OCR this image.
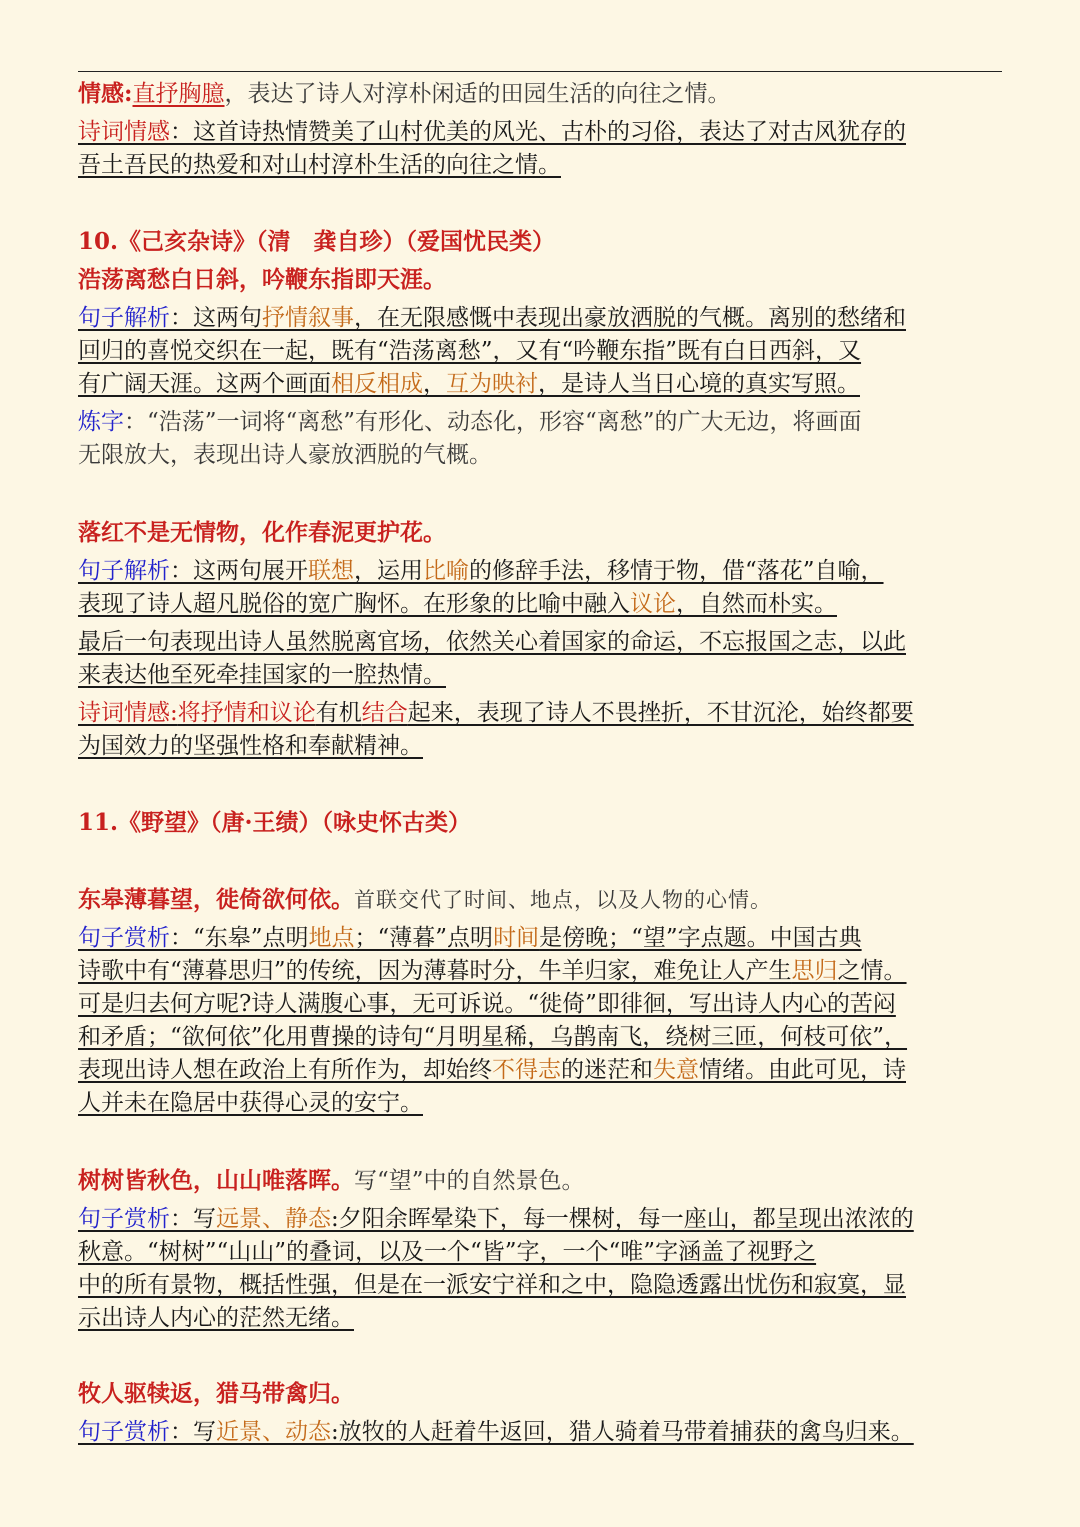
情感:直抒胸臆，表达了诗人对淳朴闲适的田园生活的向往之情。
诗词情感：这首诗热情赞美了山村优美的风光、古朴的习俗，表达了对古风犹存的
吾土吾民的热爱和对山村淳朴生活的向往之情。
10.《己亥杂诗》（清　龚自珍）（爱国忧民类）
浩荡离愁白日斜，吟鞭东指即天涯。
句子解析：这两句抒情叙事，在无限感慨中表现出豪放洒脱的气概。离别的愁绪和
回归的喜悦交织在一起，既有“浩荡离愁”，又有“吟鞭东指”既有白日西斜，又
有广阔天涯。这两个画面相反相成，互为映衬，是诗人当日心境的真实写照。
炼字：“浩荡”一词将“离愁”有形化、动态化，形容“离愁”的广大无边，将画面
无限放大，表现出诗人豪放洒脱的气概。
落红不是无情物，化作春泥更护花。
句子解析：这两句展开联想，运用比喻的修辞手法，移情于物，借“落花”自喻，
表现了诗人超凡脱俗的宽广胸怀。在形象的比喻中融入议论，自然而朴实。
最后一句表现出诗人虽然脱离官场，依然关心着国家的命运，不忘报国之志，以此
来表达他至死牵挂国家的一腔热情。
诗词情感:将抒情和议论有机结合起来，表现了诗人不畏挫折，不甘沉沦，始终都要
为国效力的坚强性格和奉献精神。
11.《野望》（唐·王绩）（咏史怀古类）
东皋薄暮望，徙倚欲何依。首联交代了时间、地点，以及人物的心情。
句子赏析：“东皋”点明地点；“薄暮”点明时间是傍晚；“望”字点题。中国古典
诗歌中有“薄暮思归”的传统，因为薄暮时分，牛羊归家，难免让人产生思归之情。
可是归去何方呢?诗人满腹心事，无可诉说。“徙倚”即徘徊，写出诗人内心的苦闷
和矛盾；“欲何依”化用曹操的诗句“月明星稀，乌鹊南飞，绕树三匝，何枝可依”，
表现出诗人想在政治上有所作为，却始终不得志的迷茫和失意情绪。由此可见，诗
人并未在隐居中获得心灵的安宁。
树树皆秋色，山山唯落晖。写“望”中的自然景色。
句子赏析：写远景、静态:夕阳余晖晕染下，每一棵树，每一座山，都呈现出浓浓的
秋意。“树树”“山山”的叠词，以及一个“皆”字，一个“唯”字涵盖了视野之
中的所有景物，概括性强，但是在一派安宁祥和之中，隐隐透露出忧伤和寂寞，显
示出诗人内心的茫然无绪。
牧人驱犊返，猎马带禽归。
句子赏析：写近景、动态:放牧的人赶着牛返回，猎人骑着马带着捕获的禽鸟归来。
